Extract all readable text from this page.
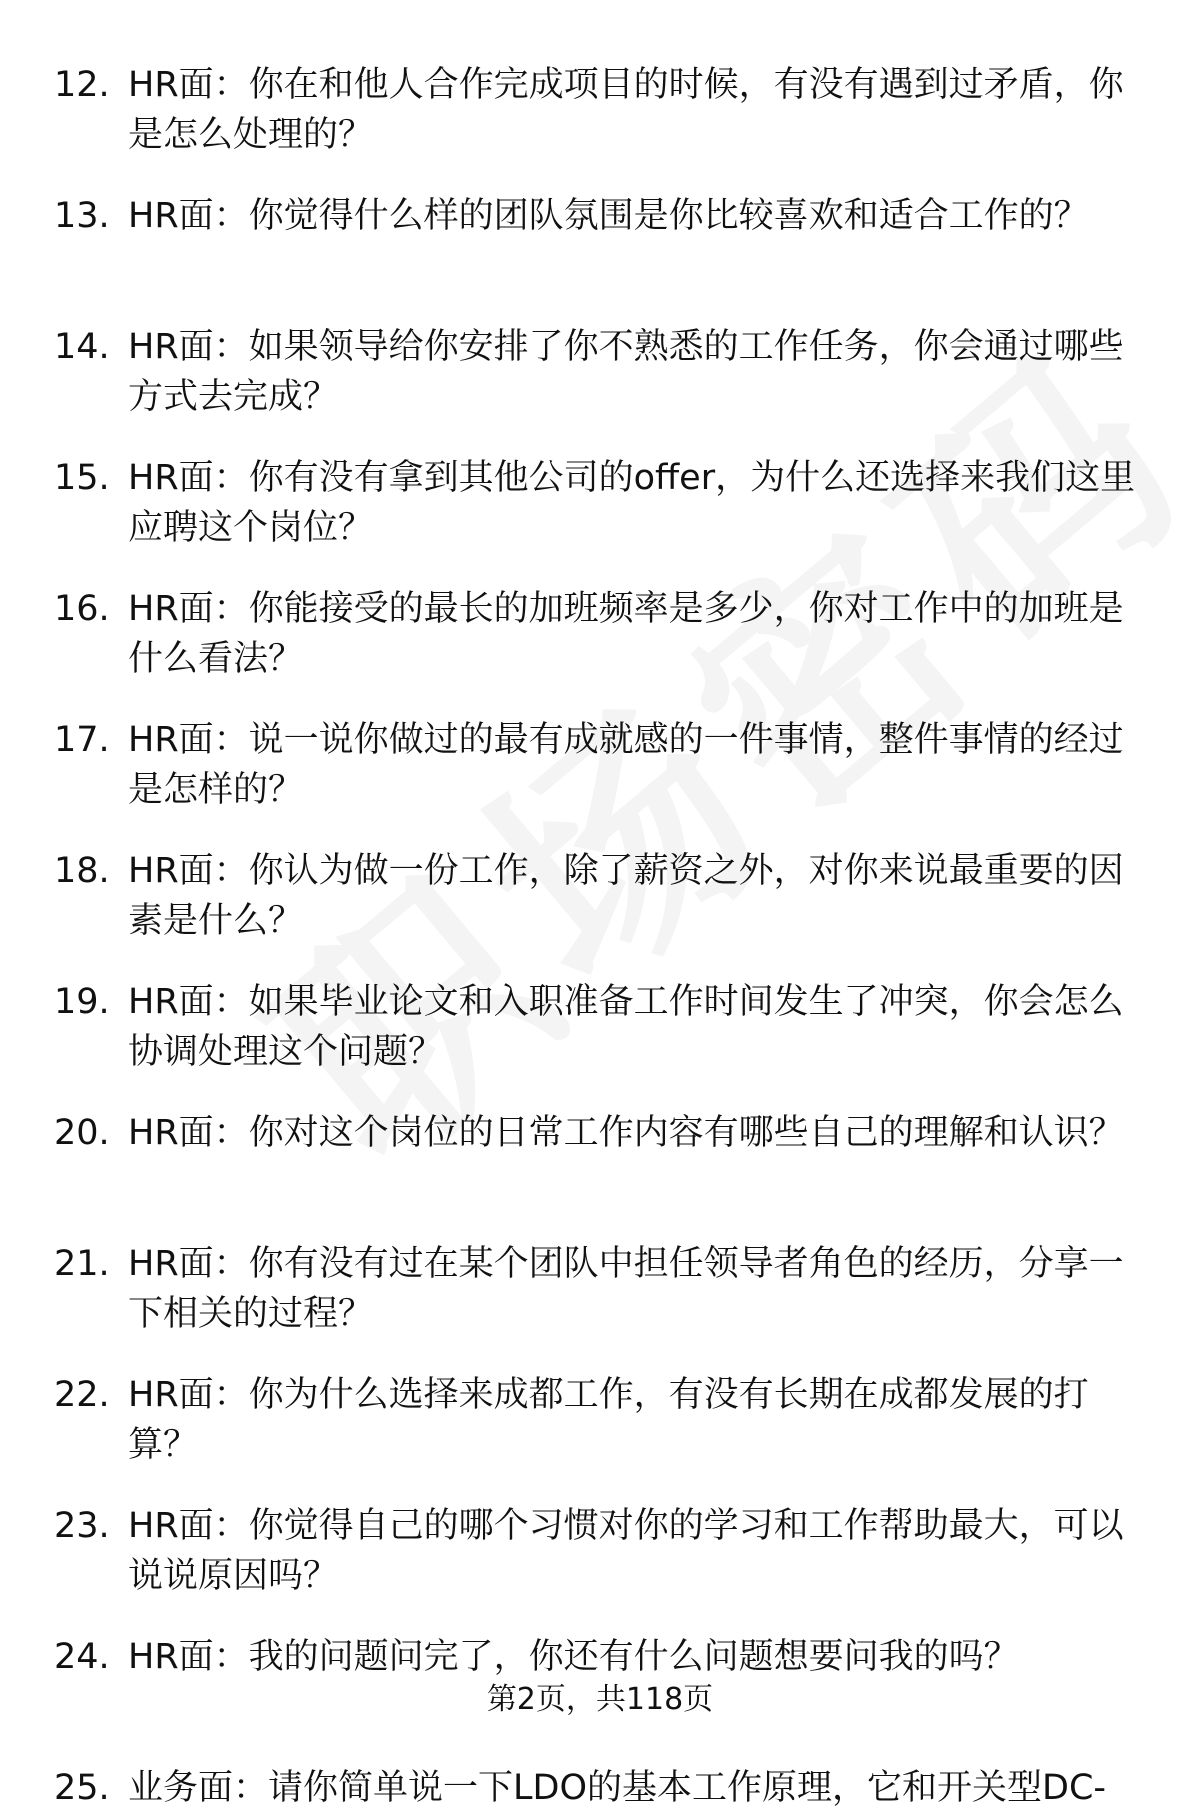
12. HR面：你在和他人合作完成项目的时候，有没有遇到过矛盾，你是怎么处理的？
13. HR面：你觉得什么样的团队氛围是你比较喜欢和适合工作的？
14. HR面：如果领导给你安排了你不熟悉的工作任务，你会通过哪些方式去完成？
15. HR面：你有没有拿到其他公司的offer，为什么还选择来我们这里应聘这个岗位？
16. HR面：你能接受的最长的加班频率是多少，你对工作中的加班是什么看法？
17. HR面：说一说你做过的最有成就感的一件事情，整件事情的经过是怎样的？
18. HR面：你认为做一份工作，除了薪资之外，对你来说最重要的因素是什么？
19. HR面：如果毕业论文和入职准备工作时间发生了冲突，你会怎么协调处理这个问题？
20. HR面：你对这个岗位的日常工作内容有哪些自己的理解和认识？
21. HR面：你有没有过在某个团队中担任领导者角色的经历，分享一下相关的过程？
22. HR面：你为什么选择来成都工作，有没有长期在成都发展的打算？
23. HR面：你觉得自己的哪个习惯对你的学习和工作帮助最大，可以说说原因吗？
24. HR面：我的问题问完了，你还有什么问题想要问我的吗？
25. 业务面：请你简单说一下LDO的基本工作原理，它和开关型DC-
第2页，共118页
